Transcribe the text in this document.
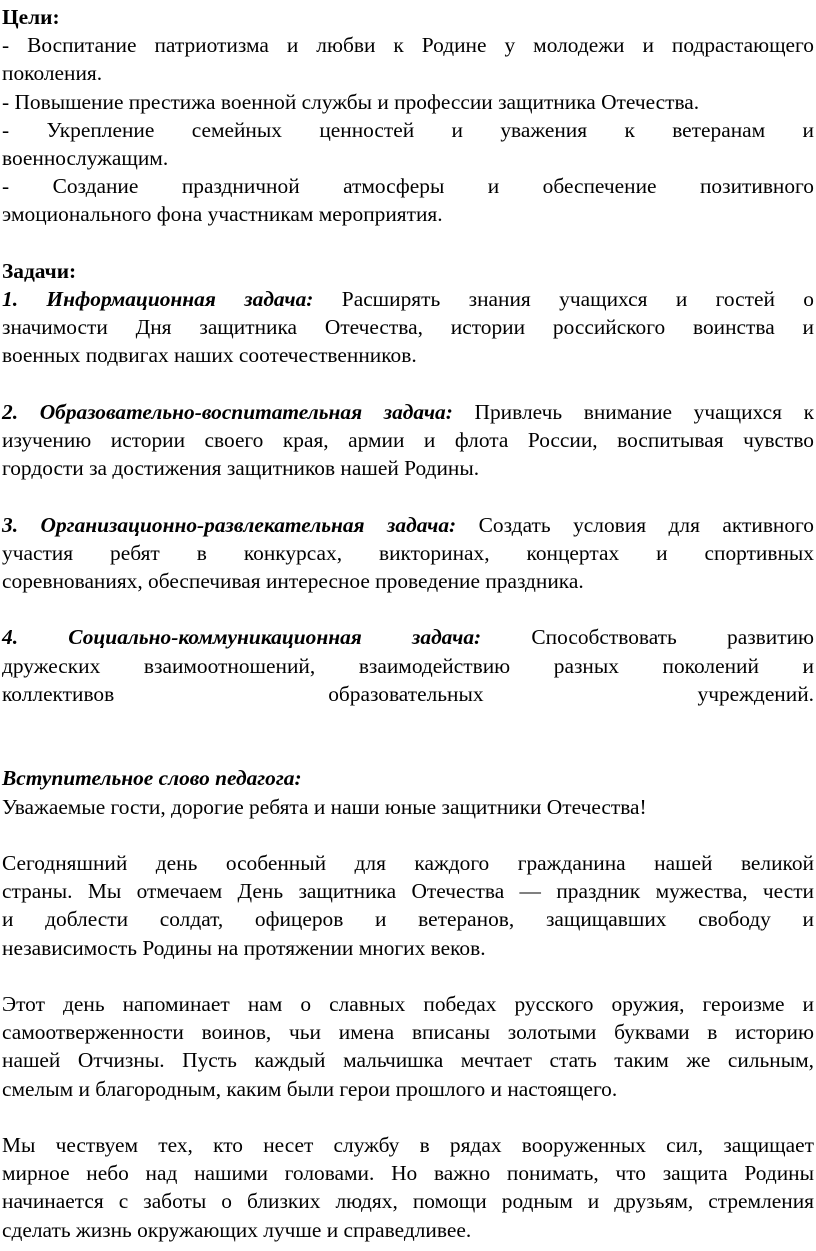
Цели:
- Воспитание патриотизма и любви к Родине у молодежи и подрастающего
поколения.
- Повышение престижа военной службы и профессии защитника Отечества.
- Укрепление семейных ценностей и уважения к ветеранам и
военнослужащим.
- Создание праздничной атмосферы и обеспечение позитивного
эмоционального фона участникам мероприятия.
Задачи:
1. Информационная задача: Расширять знания учащихся и гостей о
значимости Дня защитника Отечества, истории российского воинства и
военных подвигах наших соотечественников.
2. Образовательно-воспитательная задача: Привлечь внимание учащихся к
изучению истории своего края, армии и флота России, воспитывая чувство
гордости за достижения защитников нашей Родины.
3. Организационно-развлекательная задача: Создать условия для активного
участия ребят в конкурсах, викторинах, концертах и спортивных
соревнованиях, обеспечивая интересное проведение праздника.
4. Социально-коммуникационная задача: Способствовать развитию
дружеских взаимоотношений, взаимодействию разных поколений и
коллективов образовательных учреждений.
Вступительное слово педагога:
Уважаемые гости, дорогие ребята и наши юные защитники Отечества!
Сегодняшний день особенный для каждого гражданина нашей великой
страны. Мы отмечаем День защитника Отечества — праздник мужества, чести
и доблести солдат, офицеров и ветеранов, защищавших свободу и
независимость Родины на протяжении многих веков.
Этот день напоминает нам о славных победах русского оружия, героизме и
самоотверженности воинов, чьи имена вписаны золотыми буквами в историю
нашей Отчизны. Пусть каждый мальчишка мечтает стать таким же сильным,
смелым и благородным, каким были герои прошлого и настоящего.
Мы чествуем тех, кто несет службу в рядах вооруженных сил, защищает
мирное небо над нашими головами. Но важно понимать, что защита Родины
начинается с заботы о близких людях, помощи родным и друзьям, стремления
сделать жизнь окружающих лучше и справедливее.
